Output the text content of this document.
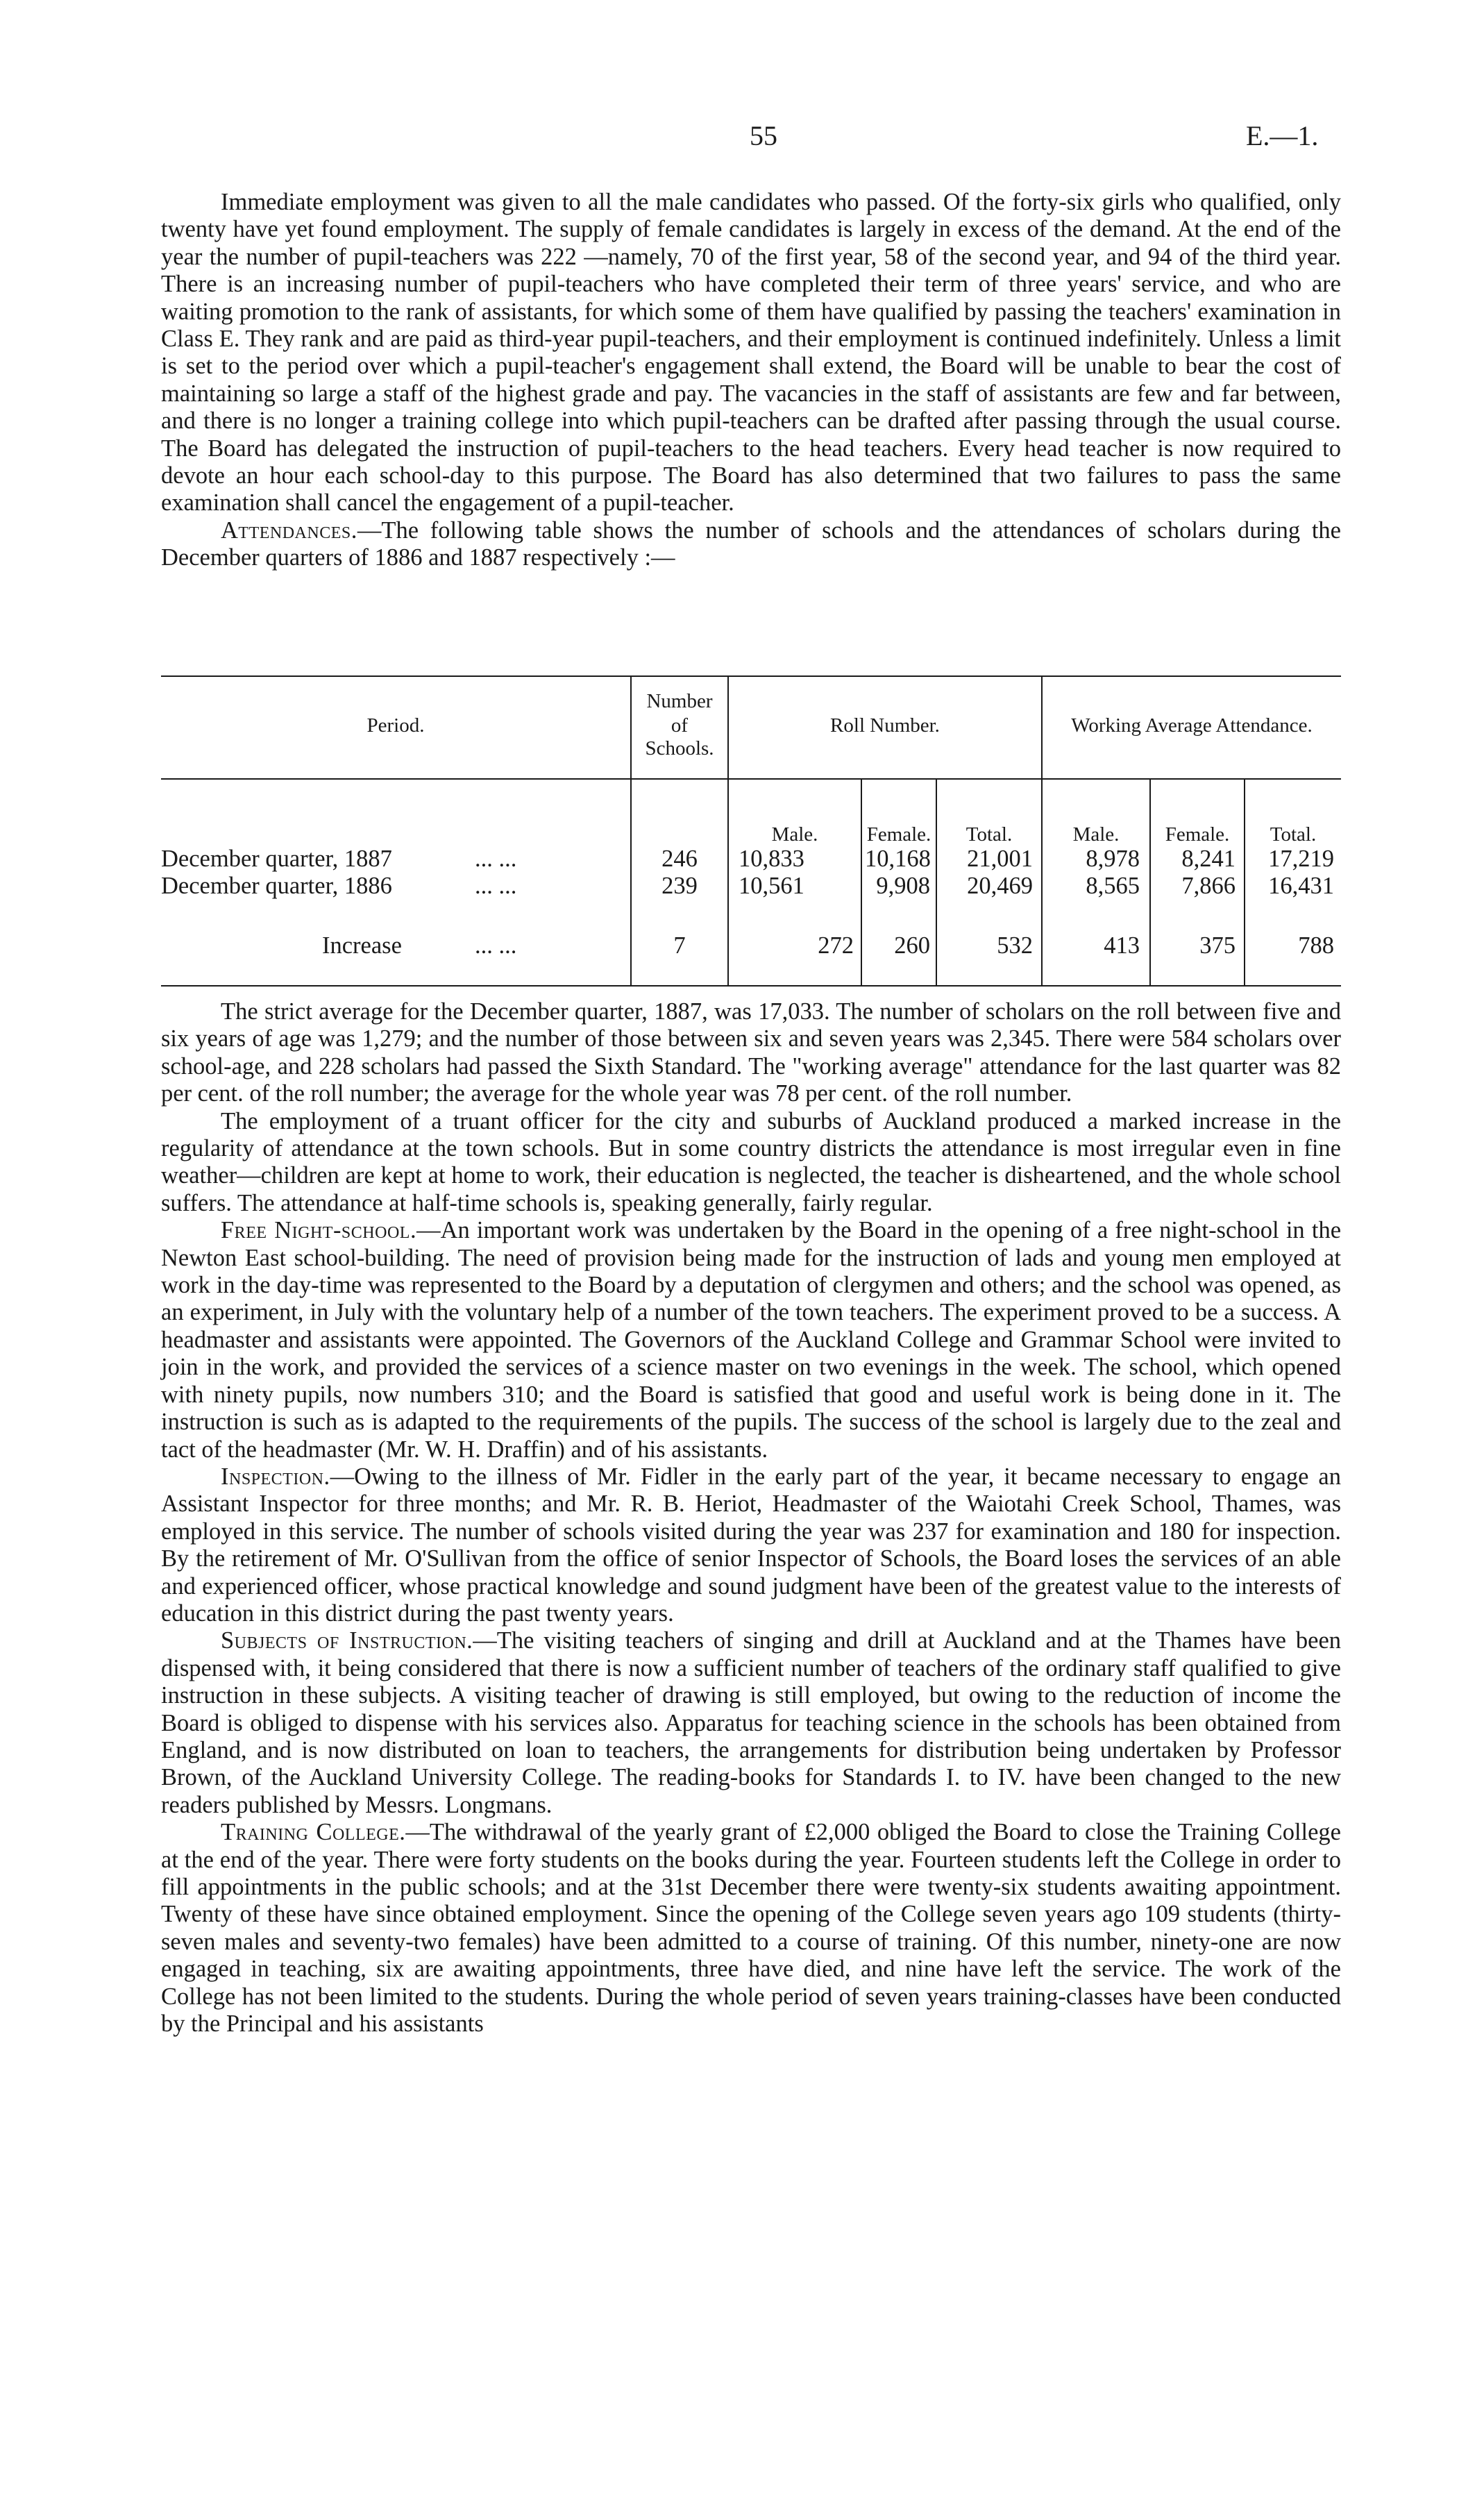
55	E.—1.

Immediate employment was given to all the male candidates who passed. Of the forty-six girls who qualified, only twenty have yet found employment. The supply of female candidates is largely in excess of the demand. At the end of the year the number of pupil-teachers was 222 —namely, 70 of the first year, 58 of the second year, and 94 of the third year. There is an increasing number of pupil-teachers who have completed their term of three years' service, and who are waiting promotion to the rank of assistants, for which some of them have qualified by passing the teachers' examination in Class E. They rank and are paid as third-year pupil-teachers, and their employment is continued indefinitely. Unless a limit is set to the period over which a pupil-teacher's engagement shall extend, the Board will be unable to bear the cost of maintaining so large a staff of the highest grade and pay. The vacancies in the staff of assistants are few and far between, and there is no longer a training college into which pupil-teachers can be drafted after passing through the usual course. The Board has delegated the instruction of pupil-teachers to the head teachers. Every head teacher is now required to devote an hour each school-day to this purpose. The Board has also determined that two failures to pass the same examination shall cancel the engagement of a pupil-teacher.

Attendances.—The following table shows the number of schools and the attendances of scholars during the December quarters of 1886 and 1887 respectively :—

Period.
Number
of
Schools.
Roll Number.	Working Average Attendance.
Male.	Female.	Total.	Male.	Female.	Total.
December quarter, 1887	... ...	246	10,833	10,168	21,001	8,978	8,241	17,219
December quarter, 1886	... ...	239	10,561	9,908	20,469	8,565	7,866	16,431
Increase	... ...	7	272	260	532	413	375	788

The strict average for the December quarter, 1887, was 17,033. The number of scholars on the roll between five and six years of age was 1,279; and the number of those between six and seven years was 2,345. There were 584 scholars over school-age, and 228 scholars had passed the Sixth Standard. The "working average" attendance for the last quarter was 82 per cent. of the roll number; the average for the whole year was 78 per cent. of the roll number.

The employment of a truant officer for the city and suburbs of Auckland produced a marked increase in the regularity of attendance at the town schools. But in some country districts the attendance is most irregular even in fine weather—children are kept at home to work, their education is neglected, the teacher is disheartened, and the whole school suffers. The attendance at half-time schools is, speaking generally, fairly regular.

Free Night-school.—An important work was undertaken by the Board in the opening of a free night-school in the Newton East school-building. The need of provision being made for the instruction of lads and young men employed at work in the day-time was represented to the Board by a deputation of clergymen and others; and the school was opened, as an experiment, in July with the voluntary help of a number of the town teachers. The experiment proved to be a success. A headmaster and assistants were appointed. The Governors of the Auckland College and Grammar School were invited to join in the work, and provided the services of a science master on two evenings in the week. The school, which opened with ninety pupils, now numbers 310; and the Board is satisfied that good and useful work is being done in it. The instruction is such as is adapted to the requirements of the pupils. The success of the school is largely due to the zeal and tact of the headmaster (Mr. W. H. Draffin) and of his assistants.

Inspection.—Owing to the illness of Mr. Fidler in the early part of the year, it became necessary to engage an Assistant Inspector for three months; and Mr. R. B. Heriot, Headmaster of the Waiotahi Creek School, Thames, was employed in this service. The number of schools visited during the year was 237 for examination and 180 for inspection. By the retirement of Mr. O'Sullivan from the office of senior Inspector of Schools, the Board loses the services of an able and experienced officer, whose practical knowledge and sound judgment have been of the greatest value to the interests of education in this district during the past twenty years.

Subjects of Instruction.—The visiting teachers of singing and drill at Auckland and at the Thames have been dispensed with, it being considered that there is now a sufficient number of teachers of the ordinary staff qualified to give instruction in these subjects. A visiting teacher of drawing is still employed, but owing to the reduction of income the Board is obliged to dispense with his services also. Apparatus for teaching science in the schools has been obtained from England, and is now distributed on loan to teachers, the arrangements for distribution being undertaken by Professor Brown, of the Auckland University College. The reading-books for Standards I. to IV. have been changed to the new readers published by Messrs. Longmans.

Training College.—The withdrawal of the yearly grant of £2,000 obliged the Board to close the Training College at the end of the year. There were forty students on the books during the year. Fourteen students left the College in order to fill appointments in the public schools; and at the 31st December there were twenty-six students awaiting appointment. Twenty of these have since obtained employment. Since the opening of the College seven years ago 109 students (thirty-seven males and seventy-two females) have been admitted to a course of training. Of this number, ninety-one are now engaged in teaching, six are awaiting appointments, three have died, and nine have left the service. The work of the College has not been limited to the students. During the whole period of seven years training-classes have been conducted by the Principal and his assistants
